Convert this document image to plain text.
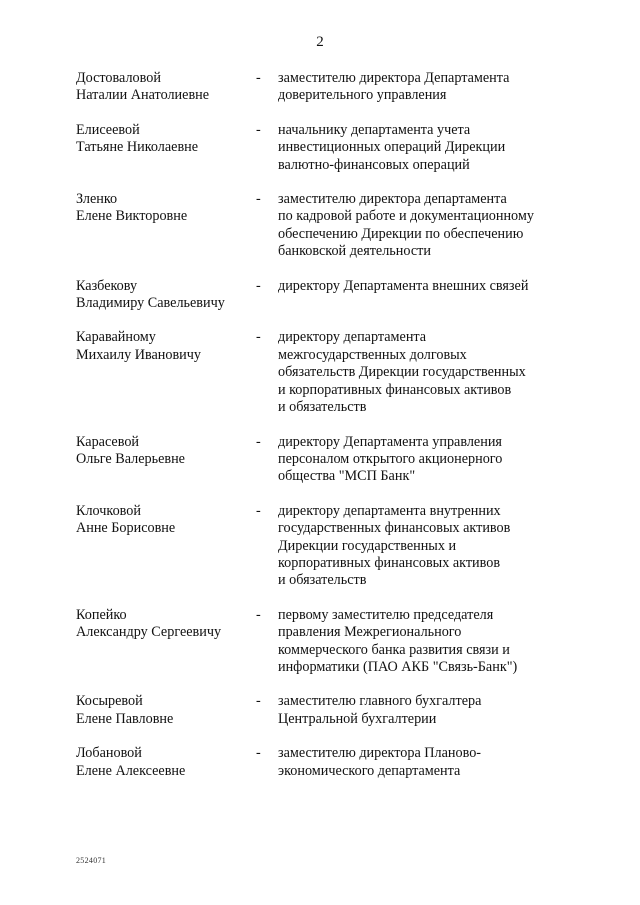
2
Достоваловой
Наталии Анатолиевне
-	заместителю директора Департамента
доверительного управления
Елисеевой
Татьяне Николаевне
-	начальнику департамента учета
инвестиционных операций Дирекции
валютно-финансовых операций
Зленко
Елене Викторовне
-	заместителю директора департамента
по кадровой работе и документационному
обеспечению Дирекции по обеспечению
банковской деятельности
Казбекову
Владимиру Савельевичу
-	директору Департамента внешних связей
Каравайному
Михаилу Ивановичу
-	директору департамента
межгосударственных долговых
обязательств Дирекции государственных
и корпоративных финансовых активов
и обязательств
Карасевой
Ольге Валерьевне
-	директору Департамента управления
персоналом открытого акционерного
общества "МСП Банк"
Клочковой
Анне Борисовне
-	директору департамента внутренних
государственных финансовых активов
Дирекции государственных и
корпоративных финансовых активов
и обязательств
Копейко
Александру Сергеевичу
-	первому заместителю председателя
правления Межрегионального
коммерческого банка развития связи и
информатики (ПАО АКБ "Связь-Банк")
Косыревой
Елене Павловне
-	заместителю главного бухгалтера
Центральной бухгалтерии
Лобановой
Елене Алексеевне
-	заместителю директора Планово-
экономического департамента
2524071
